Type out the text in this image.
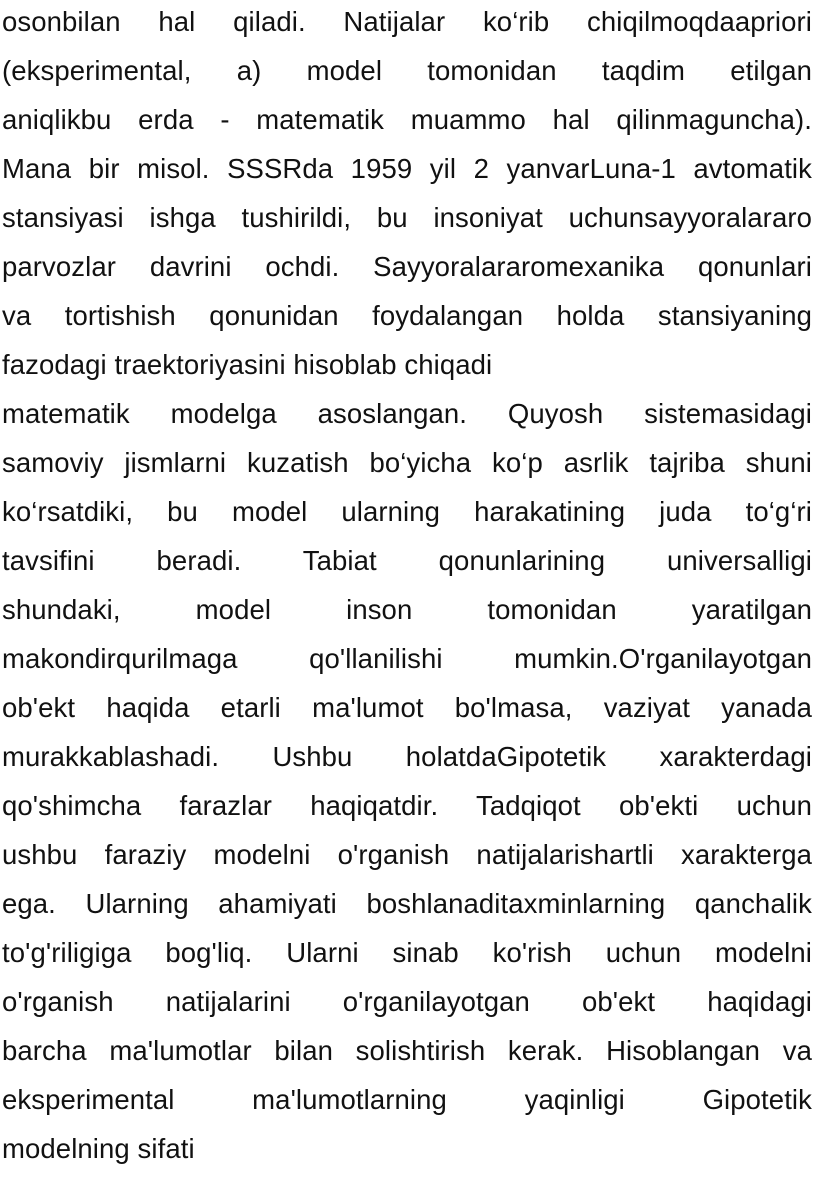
osonbilan hal qiladi. Natijalar ko‘rib chiqilmoqdaapriori
(eksperimental, a) model tomonidan taqdim etilgan
aniqlikbu erda - matematik muammo hal qilinmaguncha).
Mana bir misol. SSSRda 1959 yil 2 yanvarLuna-1 avtomatik
stansiyasi ishga tushirildi, bu insoniyat uchunsayyoralararo
parvozlar davrini ochdi. Sayyoralararomexanika qonunlari
va tortishish qonunidan foydalangan holda stansiyaning
fazodagi traektoriyasini hisoblab chiqadi
matematik modelga asoslangan. Quyosh sistemasidagi
samoviy jismlarni kuzatish bo‘yicha ko‘p asrlik tajriba shuni
ko‘rsatdiki, bu model ularning harakatining juda to‘g‘ri
tavsifini beradi. Tabiat qonunlarining universalligi
shundaki, model inson tomonidan yaratilgan
makondirqurilmaga qo'llanilishi mumkin.O'rganilayotgan
ob'ekt haqida etarli ma'lumot bo'lmasa, vaziyat yanada
murakkablashadi. Ushbu holatdaGipotetik xarakterdagi
qo'shimcha farazlar haqiqatdir. Tadqiqot ob'ekti uchun
ushbu faraziy modelni o'rganish natijalarishartli xarakterga
ega. Ularning ahamiyati boshlanaditaxminlarning qanchalik
to'g'riligiga bog'liq. Ularni sinab ko'rish uchun modelni
o'rganish natijalarini o'rganilayotgan ob'ekt haqidagi
barcha ma'lumotlar bilan solishtirish kerak. Hisoblangan va
eksperimental ma'lumotlarning yaqinligi Gipotetik
modelning sifati
